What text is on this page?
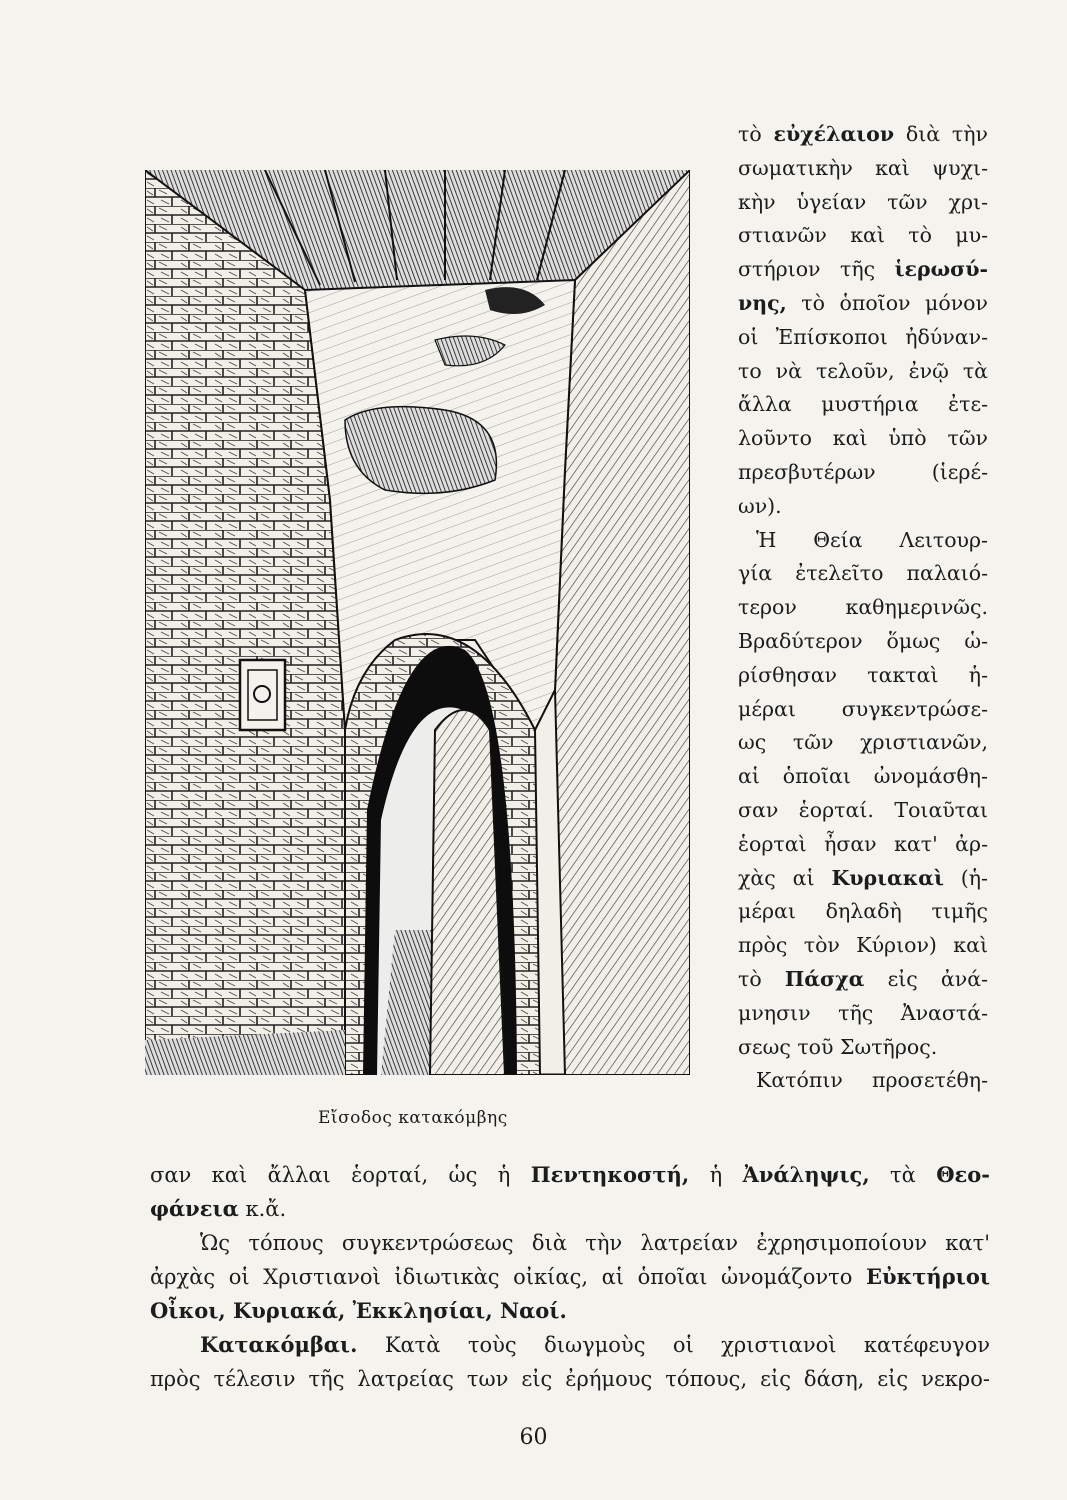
Εἴσοδος κατακόμβης
τὸ εὐχέλαιον διὰ τὴν
σωματικὴν καὶ ψυχι-
κὴν ὑγείαν τῶν χρι-
στιανῶν καὶ τὸ μυ-
στήριον τῆς ἱερωσύ-
νης, τὸ ὁποῖον μόνον
οἱ Ἐπίσκοποι ἠδύναν-
το νὰ τελοῦν, ἐνῷ τὰ
ἄλλα μυστήρια ἐτε-
λοῦντο καὶ ὑπὸ τῶν
πρεσβυτέρων (ἱερέ-
ων).
Ἡ Θεία Λειτουρ-
γία ἐτελεῖτο παλαιό-
τερον καθημερινῶς.
Βραδύτερον ὅμως ὡ-
ρίσθησαν τακταὶ ἡ-
μέραι συγκεντρώσε-
ως τῶν χριστιανῶν,
αἱ ὁποῖαι ὠνομάσθη-
σαν ἑορταί. Τοιαῦται
ἑορταὶ ἦσαν κατ' ἀρ-
χὰς αἱ Κυριακαὶ (ἡ-
μέραι δηλαδὴ τιμῆς
πρὸς τὸν Κύριον) καὶ
τὸ Πάσχα εἰς ἀνά-
μνησιν τῆς Ἀναστά-
σεως τοῦ Σωτῆρος.
Κατόπιν προσετέθη-
σαν καὶ ἄλλαι ἑορταί, ὡς ἡ Πεντηκοστή, ἡ Ἀνάληψις, τὰ Θεο-
φάνεια κ.ἄ.
Ὡς τόπους συγκεντρώσεως διὰ τὴν λατρείαν ἐχρησιμοποίουν κατ'
ἀρχὰς οἱ Χριστιανοὶ ἰδιωτικὰς οἰκίας, αἱ ὁποῖαι ὠνομάζοντο Εὐκτήριοι
Οἶκοι, Κυριακά, Ἐκκλησίαι, Ναοί.
Κατακόμβαι. Κατὰ τοὺς διωγμοὺς οἱ χριστιανοὶ κατέφευγον
πρὸς τέλεσιν τῆς λατρείας των εἰς ἐρήμους τόπους, εἰς δάση, εἰς νεκρο-
60
